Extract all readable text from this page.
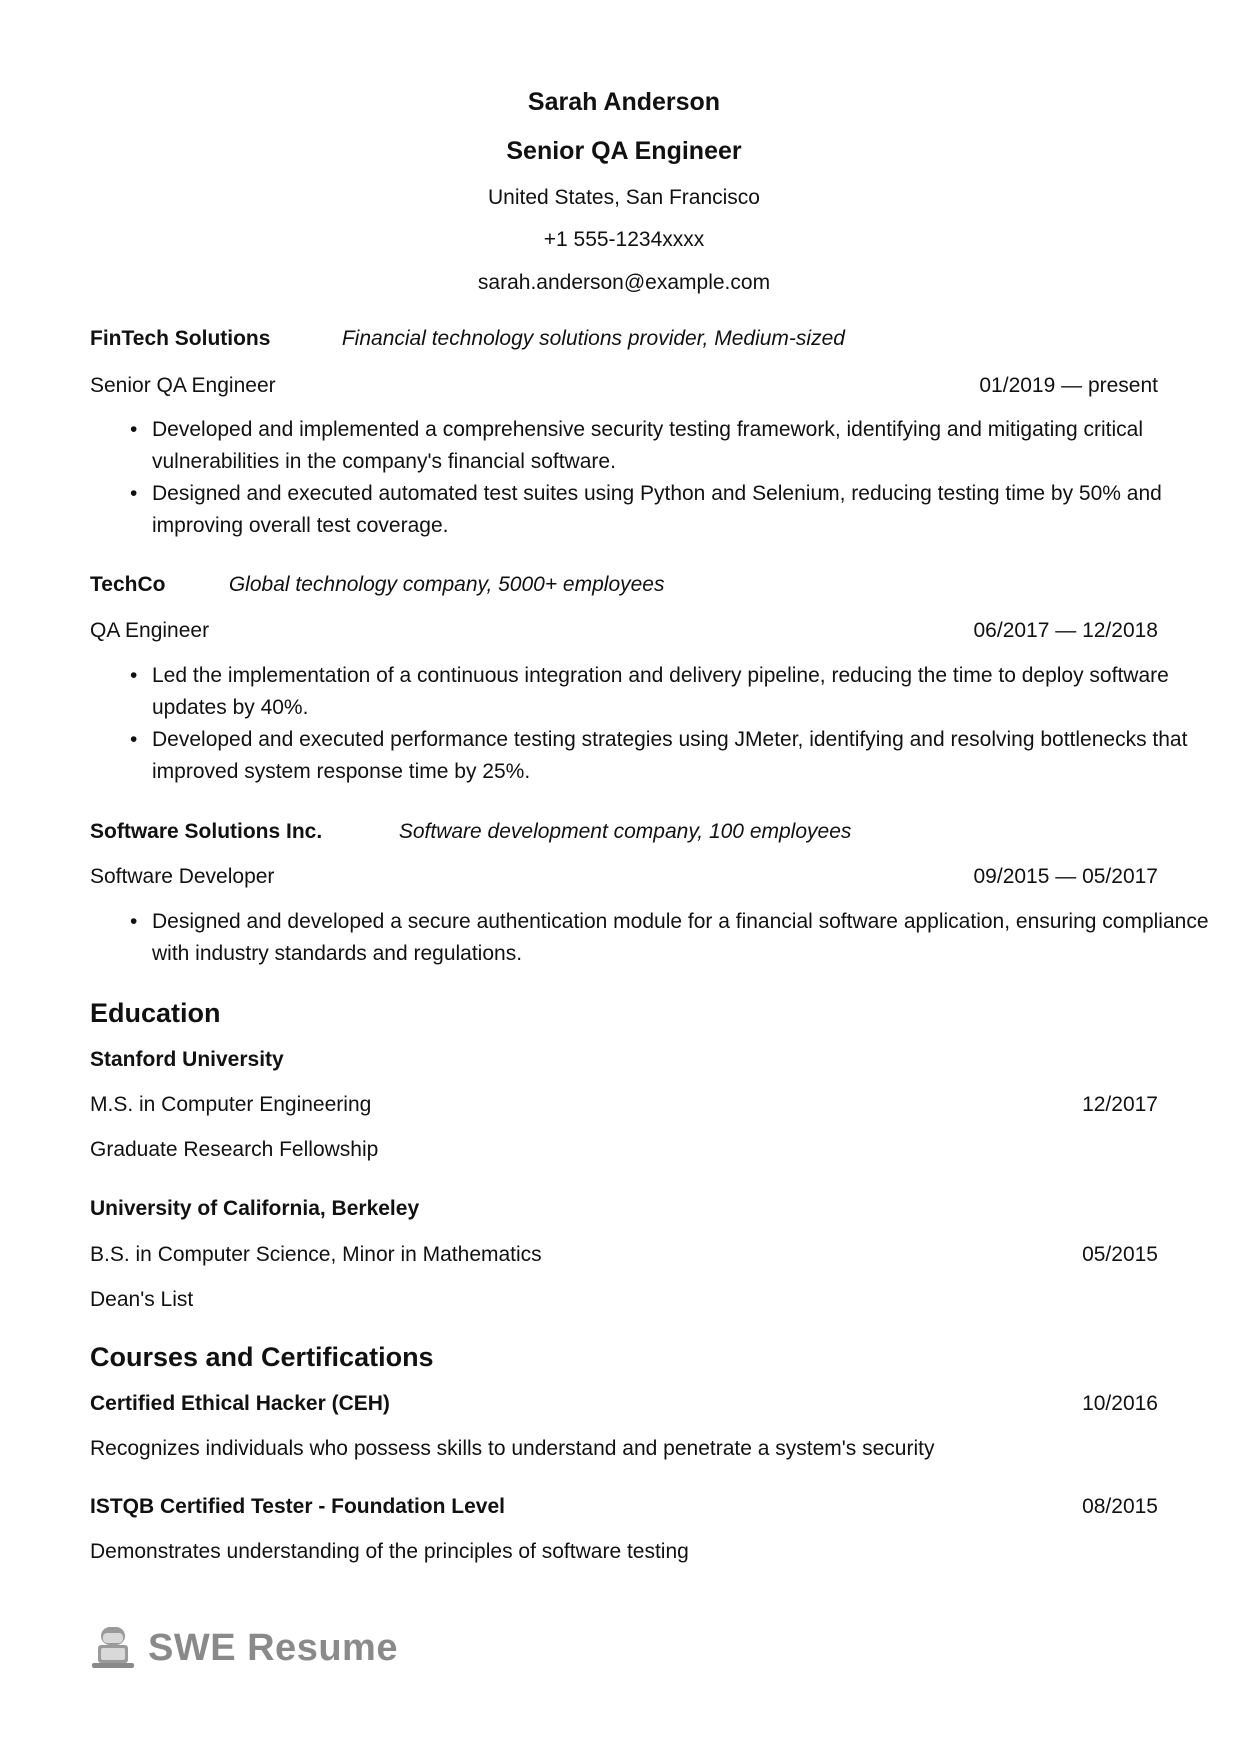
Sarah Anderson
Senior QA Engineer
United States, San Francisco
+1 555-1234xxxx
sarah.anderson@example.com
FinTech Solutions	Financial technology solutions provider, Medium-sized
Senior QA Engineer	01/2019 — present
• Developed and implemented a comprehensive security testing framework, identifying and mitigating critical vulnerabilities in the company's financial software.
• Designed and executed automated test suites using Python and Selenium, reducing testing time by 50% and improving overall test coverage.
TechCo	Global technology company, 5000+ employees
QA Engineer	06/2017 — 12/2018
• Led the implementation of a continuous integration and delivery pipeline, reducing the time to deploy software updates by 40%.
• Developed and executed performance testing strategies using JMeter, identifying and resolving bottlenecks that improved system response time by 25%.
Software Solutions Inc.	Software development company, 100 employees
Software Developer	09/2015 — 05/2017
• Designed and developed a secure authentication module for a financial software application, ensuring compliance with industry standards and regulations.
Education
Stanford University
M.S. in Computer Engineering	12/2017
Graduate Research Fellowship
University of California, Berkeley
B.S. in Computer Science, Minor in Mathematics	05/2015
Dean's List
Courses and Certifications
Certified Ethical Hacker (CEH)	10/2016
Recognizes individuals who possess skills to understand and penetrate a system's security
ISTQB Certified Tester - Foundation Level	08/2015
Demonstrates understanding of the principles of software testing
SWE Resume
